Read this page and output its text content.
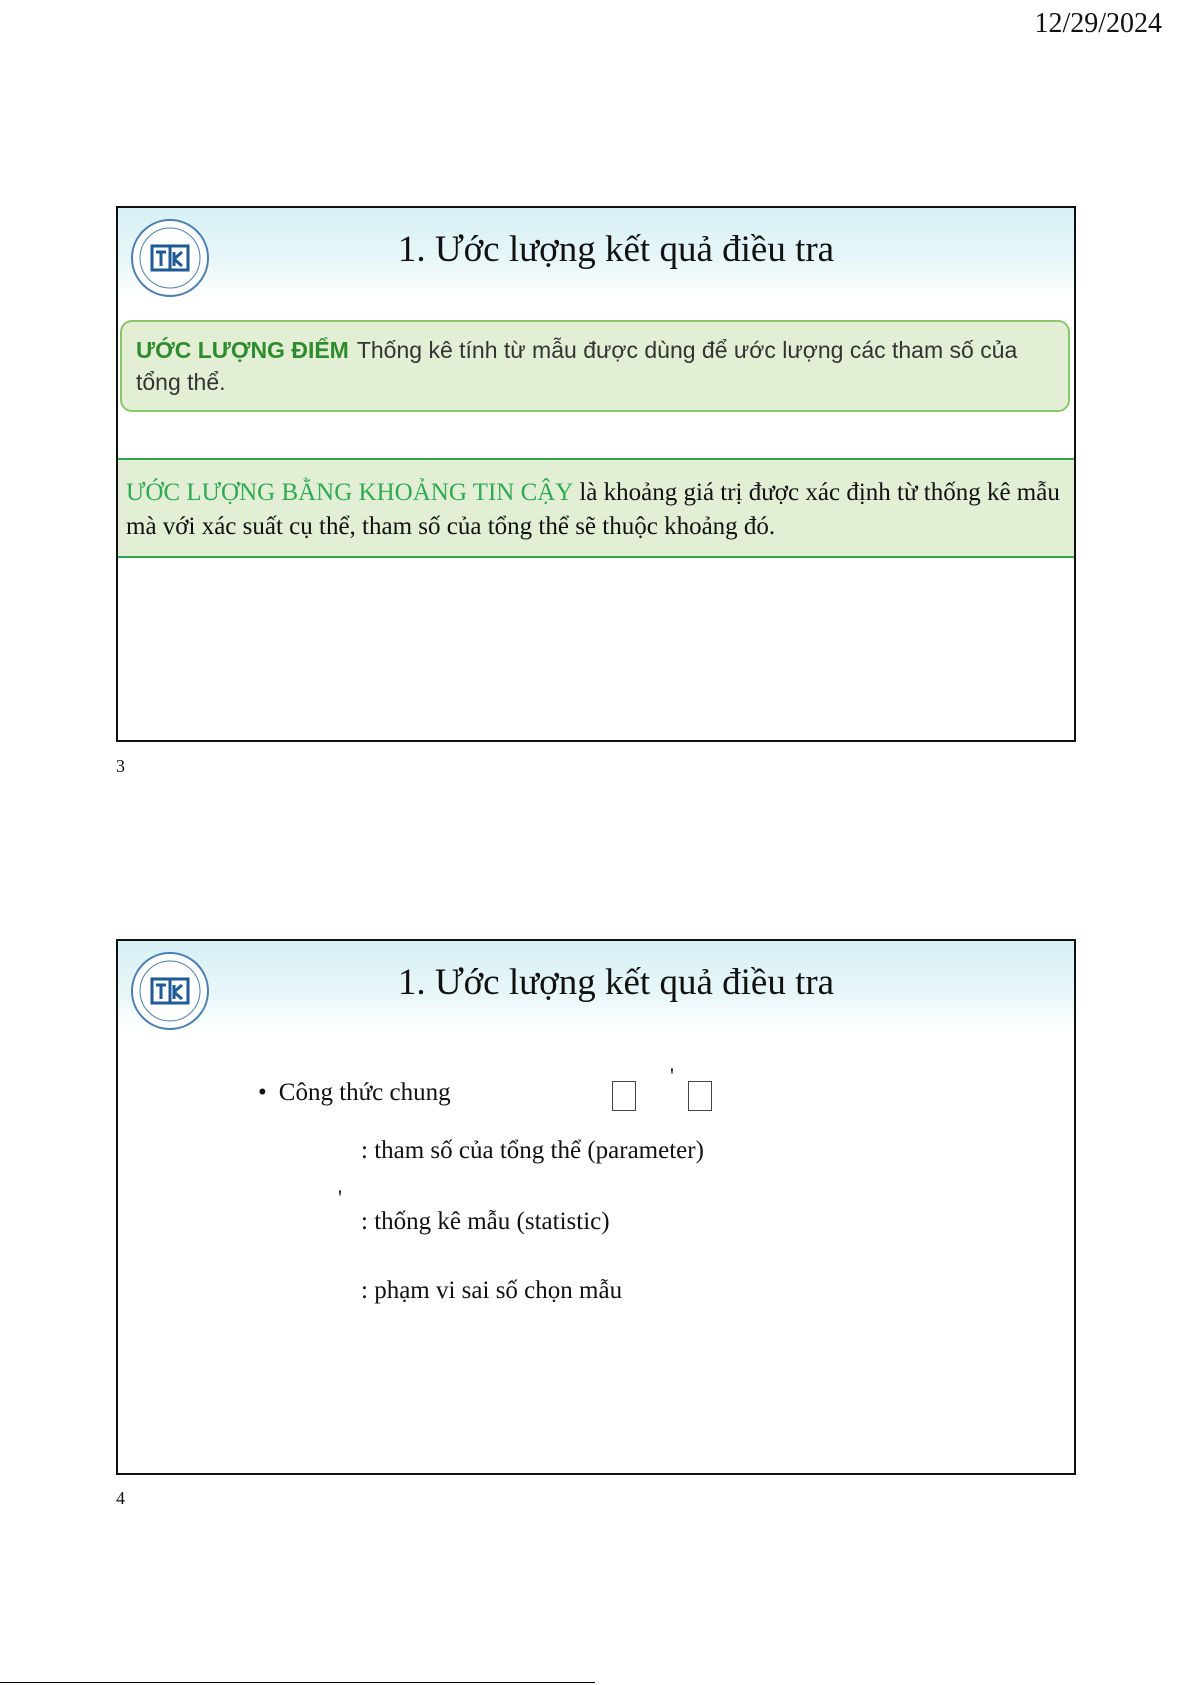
12/29/2024
1. Ước lượng kết quả điều tra
ƯỚC LƯỢNG ĐIỂM Thống kê tính từ mẫu được dùng để ước lượng các tham số của tổng thể.
ƯỚC LƯỢNG BẰNG KHOẢNG TIN CẬY là khoảng giá trị được xác định từ thống kê mẫu mà với xác suất cụ thể, tham số của tổng thể sẽ thuộc khoảng đó.
3
1. Ước lượng kết quả điều tra
• Công thức chung
'
: tham số của tổng thể (parameter)
'
: thống kê mẫu (statistic)
: phạm vi sai số chọn mẫu
4
